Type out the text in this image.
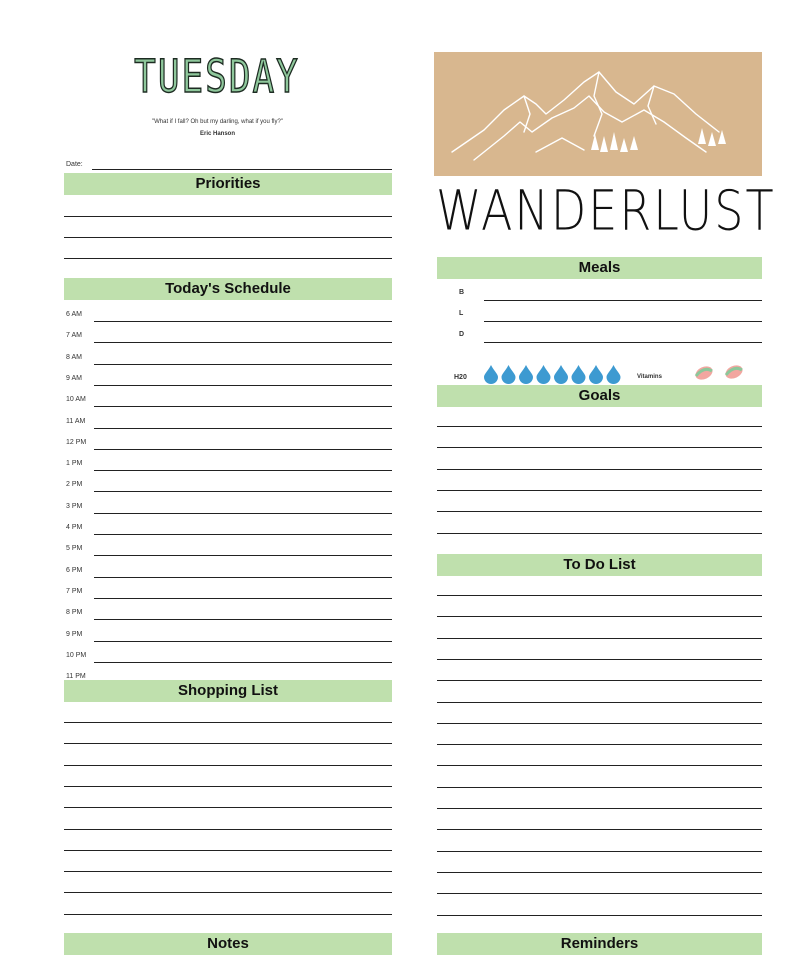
TUESDAY
"What if I fall? Oh but my darling, what if you fly?"
Eric Hanson
Date:
Priorities
Today's Schedule
6 AM
7 AM
8 AM
9 AM
10 AM
11 AM
12 PM
1 PM
2 PM
3 PM
4 PM
5 PM
6 PM
7 PM
8 PM
9 PM
10 PM
11 PM
Shopping List
Notes
WANDERLUST
Meals
B
L
D
H20	Vitamins
Goals
To Do List
Reminders
